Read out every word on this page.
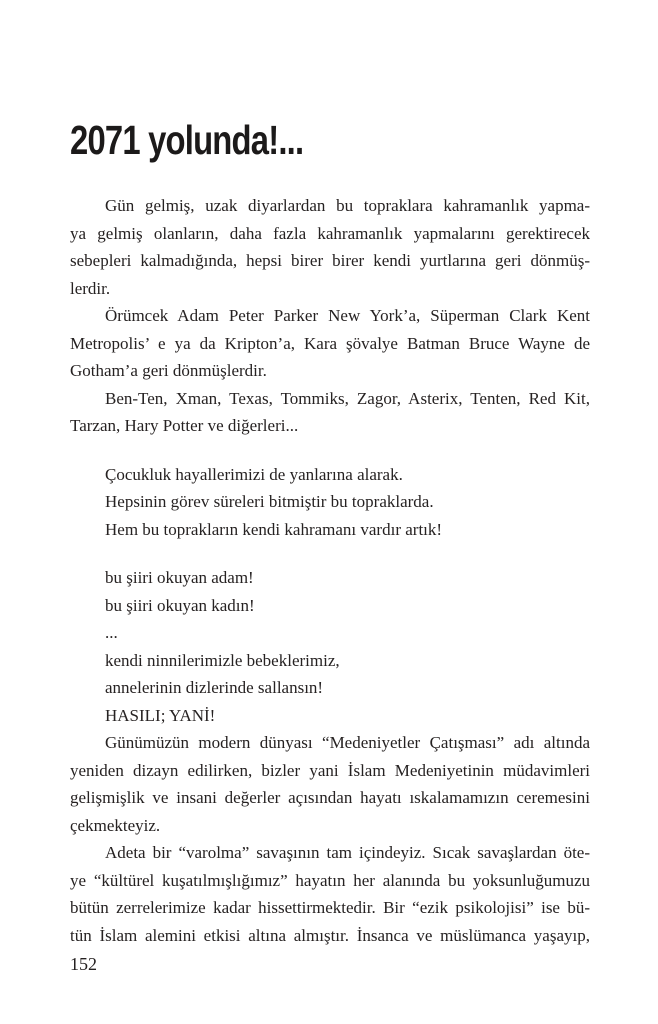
2071 yolunda!...
Gün gelmiş, uzak diyarlardan bu topraklara kahramanlık yapma-
ya gelmiş olanların, daha fazla kahramanlık yapmalarını gerektirecek
sebepleri kalmadığında, hepsi birer birer kendi yurtlarına geri dönmüş-
lerdir.
Örümcek Adam Peter Parker New York’a, Süperman Clark Kent
Metropolis’ e ya da Kripton’a, Kara şövalye Batman Bruce Wayne de
Gotham’a geri dönmüşlerdir.
Ben-Ten, Xman, Texas, Tommiks, Zagor, Asterix, Tenten, Red Kit,
Tarzan, Hary Potter ve diğerleri...
Çocukluk hayallerimizi de yanlarına alarak.
Hepsinin görev süreleri bitmiştir bu topraklarda.
Hem bu toprakların kendi kahramanı vardır artık!
bu şiiri okuyan adam!
bu şiiri okuyan kadın!
...
kendi ninnilerimizle bebeklerimiz,
annelerinin dizlerinde sallansın!
HASILI; YANİ!
Günümüzün modern dünyası “Medeniyetler Çatışması” adı altında
yeniden dizayn edilirken, bizler yani İslam Medeniyetinin müdavimleri
gelişmişlik ve insani değerler açısından hayatı ıskalamamızın ceremesini
çekmekteyiz.
Adeta bir “varolma” savaşının tam içindeyiz. Sıcak savaşlardan öte-
ye “kültürel kuşatılmışlığımız” hayatın her alanında bu yoksunluğumuzu
bütün zerrelerimize kadar hissettirmektedir. Bir “ezik psikolojisi” ise bü-
tün İslam alemini etkisi altına almıştır. İnsanca ve müslümanca yaşayıp,
152
